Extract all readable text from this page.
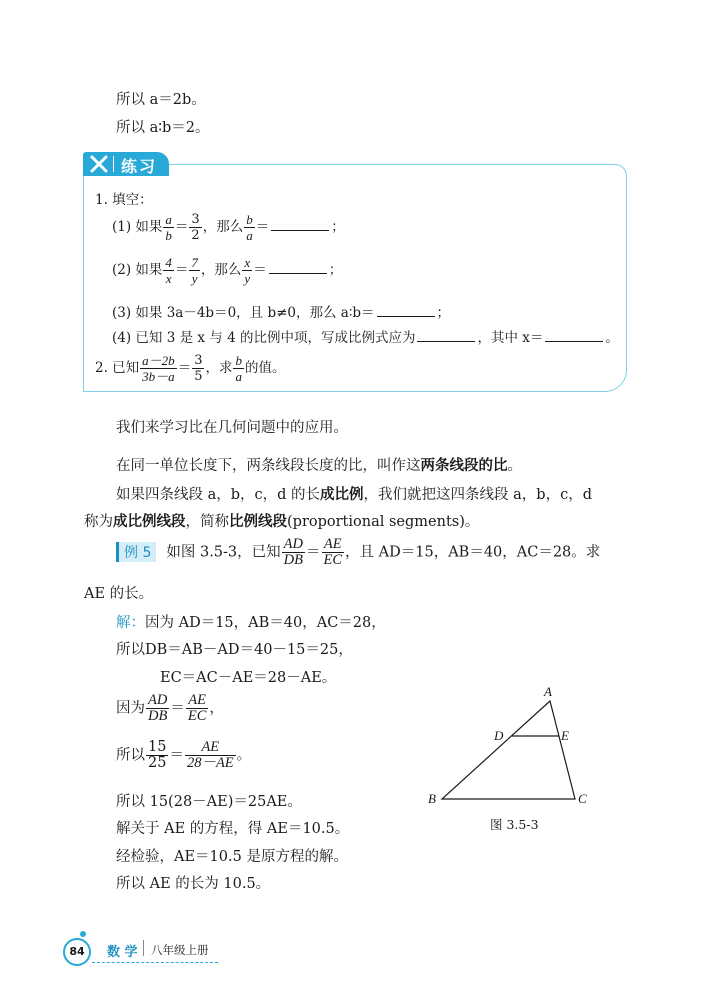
所以 a＝2b。
所以 a∶b＝2。
练习
1. 填空：
(1) 如果 $\frac{a}{b} = \frac{3}{2}$ ，那么 $\frac{b}{a}$ ＝	；
(2) 如果 $\frac{4}{x} = \frac{7}{y}$ ，那么 $\frac{x}{y}$ ＝	；
(3) 如果 3a－4b＝0，且 b≠0，那么 a∶b＝	；
(4) 已知 3 是 x 与 4 的比例中项，写成比例式应为	，其中 x＝	。
2. 已知 $\frac{a-2b}{3b-a} = \frac{3}{5}$ ，求 $\frac{b}{a}$ 的值。
我们来学习比在几何问题中的应用。
在同一单位长度下，两条线段长度的比，叫作这两条线段的比。
如果四条线段 a，b，c，d 的长成比例，我们就把这四条线段 a，b，c，d
称为成比例线段，简称比例线段(proportional segments)。
例 5 如图 3.5-3，已知 $\frac{AD}{DB} = \frac{AE}{EC}$ ，且 AD＝15，AB＝40，AC＝28。求
AE 的长。
解：因为 AD＝15，AB＝40，AC＝28，
所以DB＝AB－AD＝40－15＝25，
EC＝AC－AE＝28－AE。
因为 $\frac{AD}{DB} = \frac{AE}{EC}$ ，
所以 $\frac{15}{25} = \frac{AE}{28-AE}$ 。
所以 15(28－AE)＝25AE。
解关于 AE 的方程，得 AE＝10.5。
经检验，AE＝10.5 是原方程的解。
所以 AE 的长为 10.5。
A
B	C
D	E
图 3.5-3
84	数 学 八年级上册
